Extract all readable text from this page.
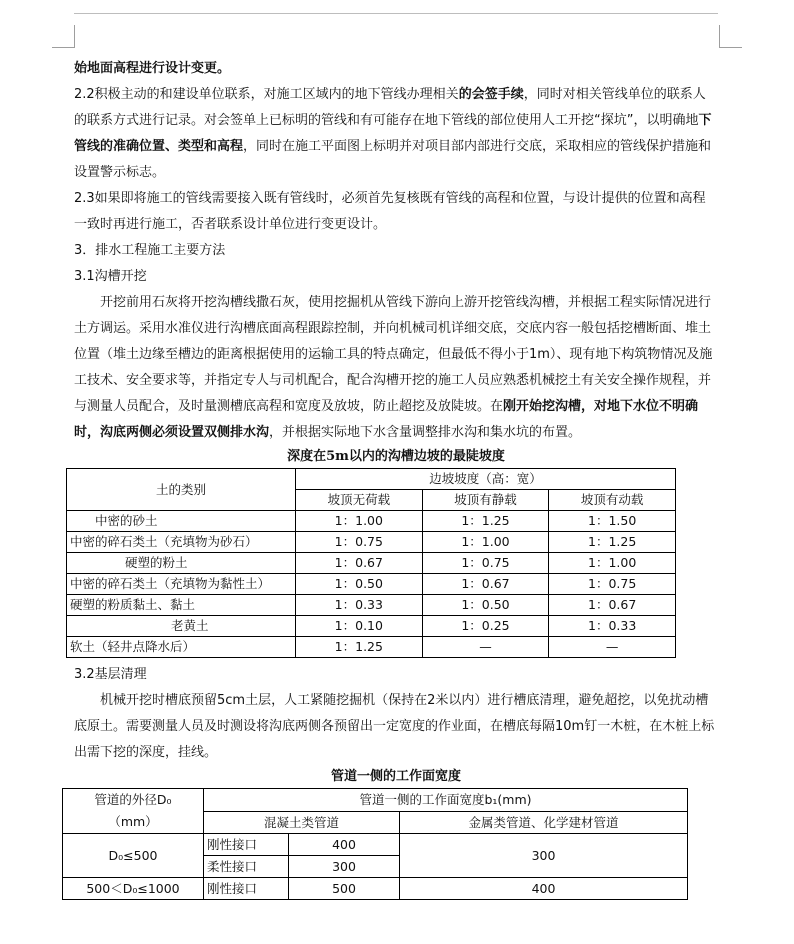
始地面高程进行设计变更。

2.2积极主动的和建设单位联系，对施工区域内的地下管线办理相关的会签手续，同时对相关管线单位的联系人的联系方式进行记录。对会签单上已标明的管线和有可能存在地下管线的部位使用人工开挖“探坑”，以明确地下管线的准确位置、类型和高程，同时在施工平面图上标明并对项目部内部进行交底，采取相应的管线保护措施和设置警示标志。

2.3如果即将施工的管线需要接入既有管线时，必须首先复核既有管线的高程和位置，与设计提供的位置和高程一致时再进行施工，否者联系设计单位进行变更设计。

3．排水工程施工主要方法

3.1沟槽开挖

开挖前用石灰将开挖沟槽线撒石灰，使用挖掘机从管线下游向上游开挖管线沟槽，并根据工程实际情况进行土方调运。采用水准仪进行沟槽底面高程跟踪控制，并向机械司机详细交底，交底内容一般包括挖槽断面、堆土位置（堆土边缘至槽边的距离根据使用的运输工具的特点确定，但最低不得小于1m）、现有地下构筑物情况及施工技术、安全要求等，并指定专人与司机配合，配合沟槽开挖的施工人员应熟悉机械挖土有关安全操作规程，并与测量人员配合，及时量测槽底高程和宽度及放坡，防止超挖及放陡坡。在刚开始挖沟槽，对地下水位不明确时，沟底两侧必须设置双侧排水沟，并根据实际地下水含量调整排水沟和集水坑的布置。

深度在5m以内的沟槽边坡的最陡坡度
土的类别	边坡坡度（高：宽）		
	坡顶无荷载	坡顶有静载	坡顶有动载
中密的砂土	1：1.00	1：1.25	1：1.50
中密的碎石类土（充填物为砂石）	1：0.75	1：1.00	1：1.25
硬塑的粉土	1：0.67	1：0.75	1：1.00
中密的碎石类土（充填物为黏性土）	1：0.50	1：0.67	1：0.75
硬塑的粉质黏土、黏土	1：0.33	1：0.50	1：0.67
老黄土	1：0.10	1：0.25	1：0.33
软土（轻井点降水后）	1：1.25	—	—

3.2基层清理

机械开挖时槽底预留5cm土层，人工紧随挖掘机（保持在2米以内）进行槽底清理，避免超挖，以免扰动槽底原土。需要测量人员及时测设将沟底两侧各预留出一定宽度的作业面，在槽底每隔10m钉一木桩，在木桩上标出需下挖的深度，挂线。

管道一侧的工作面宽度
管道的外径D₀
（mm）	管道一侧的工作面宽度b₁(mm)		
	混凝土类管道		金属类管道、化学建材管道
D₀≤500	刚性接口	400	300
	柔性接口	300	
500＜D₀≤1000	刚性接口	500	400
